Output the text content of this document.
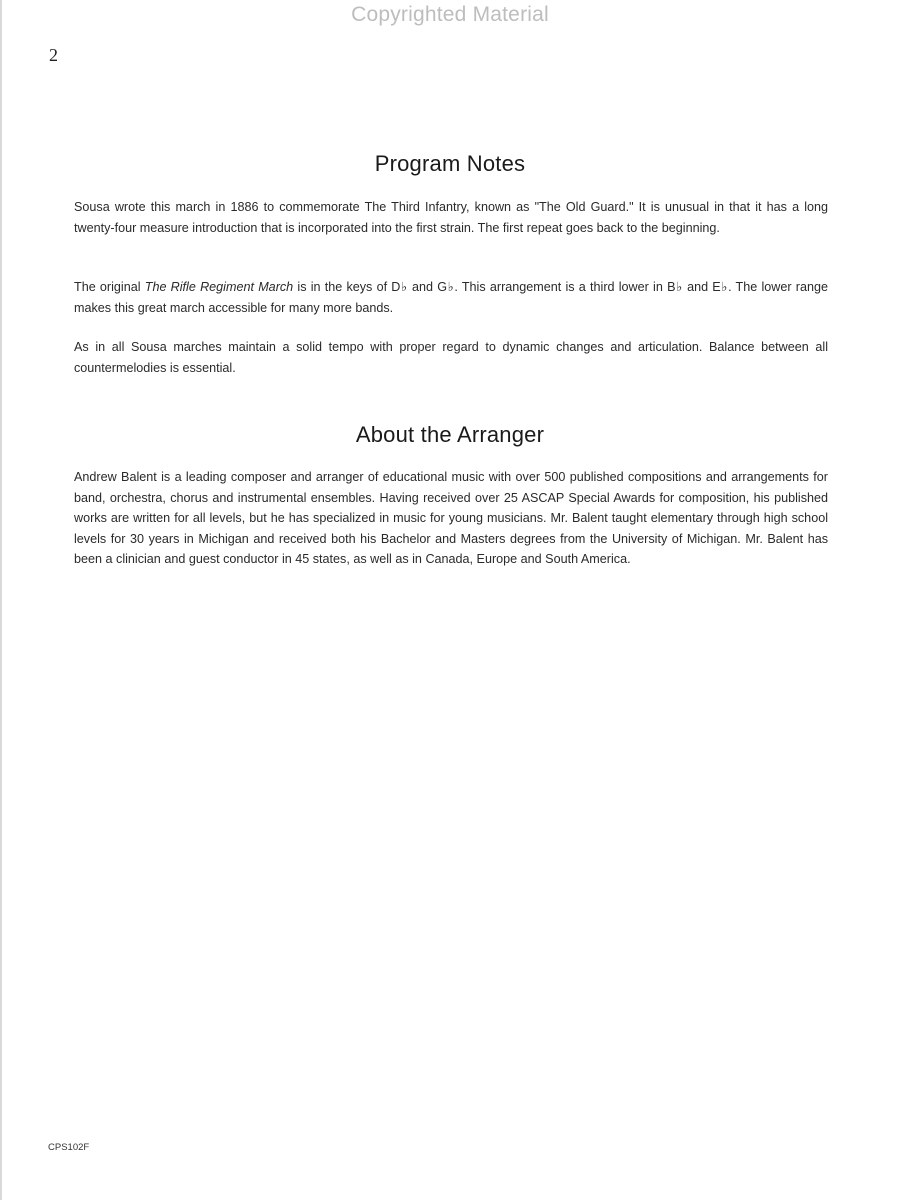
Copyrighted Material
2
Program Notes

Sousa wrote this march in 1886 to commemorate The Third Infantry, known as "The Old Guard." It is unusual in that it has a long twenty-four measure introduction that is incorporated into the first strain. The first repeat goes back to the beginning.

The original The Rifle Regiment March is in the keys of D♭ and G♭. This arrangement is a third lower in B♭ and E♭. The lower range makes this great march accessible for many more bands.

As in all Sousa marches maintain a solid tempo with proper regard to dynamic changes and articulation. Balance between all countermelodies is essential.

About the Arranger

Andrew Balent is a leading composer and arranger of educational music with over 500 published compositions and arrangements for band, orchestra, chorus and instrumental ensembles. Having received over 25 ASCAP Special Awards for composition, his published works are written for all levels, but he has specialized in music for young musicians. Mr. Balent taught elementary through high school levels for 30 years in Michigan and received both his Bachelor and Masters degrees from the University of Michigan. Mr. Balent has been a clinician and guest conductor in 45 states, as well as in Canada, Europe and South America.

CPS102F
